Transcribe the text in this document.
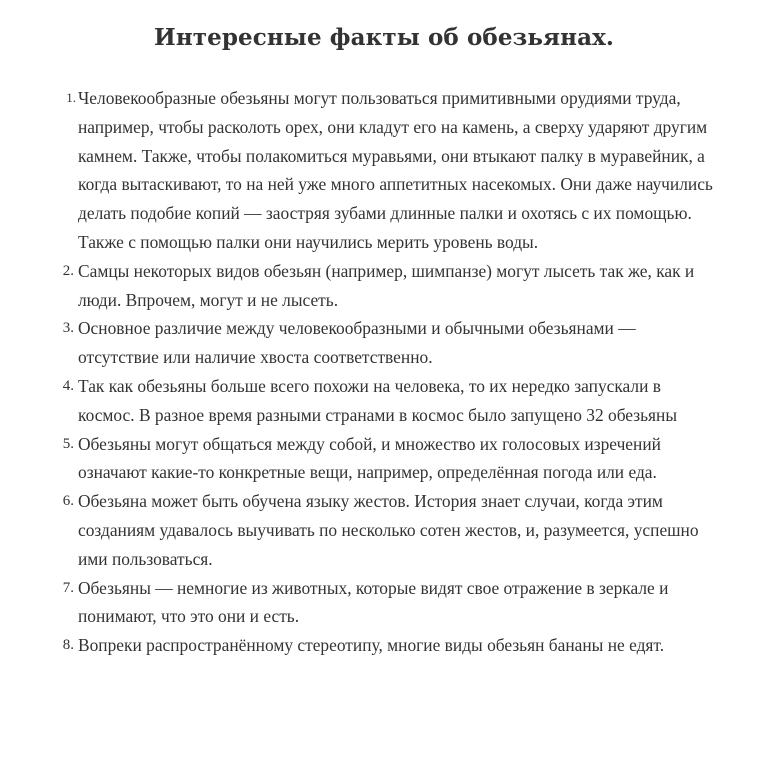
Интересные факты об обезьянах.
1. Человекообразные обезьяны могут пользоваться примитивными орудиями труда, например, чтобы расколоть орех, они кладут его на камень, а сверху ударяют другим камнем. Также, чтобы полакомиться муравьями, они втыкают палку в муравейник, а когда вытаскивают, то на ней уже много аппетитных насекомых. Они даже научились делать подобие копий — заостряя зубами длинные палки и охотясь с их помощью. Также с помощью палки они научились мерить уровень воды.
2. Самцы некоторых видов обезьян (например, шимпанзе) могут лысеть так же, как и люди. Впрочем, могут и не лысеть.
3. Основное различие между человекообразными и обычными обезьянами — отсутствие или наличие хвоста соответственно.
4. Так как обезьяны больше всего похожи на человека, то их нередко запускали в космос. В разное время разными странами в космос было запущено 32 обезьяны
5. Обезьяны могут общаться между собой, и множество их голосовых изречений означают какие-то конкретные вещи, например, определённая погода или еда.
6. Обезьяна может быть обучена языку жестов. История знает случаи, когда этим созданиям удавалось выучивать по несколько сотен жестов, и, разумеется, успешно ими пользоваться.
7. Обезьяны — немногие из животных, которые видят свое отражение в зеркале и понимают, что это они и есть.
8. Вопреки распространённому стереотипу, многие виды обезьян бананы не едят.
